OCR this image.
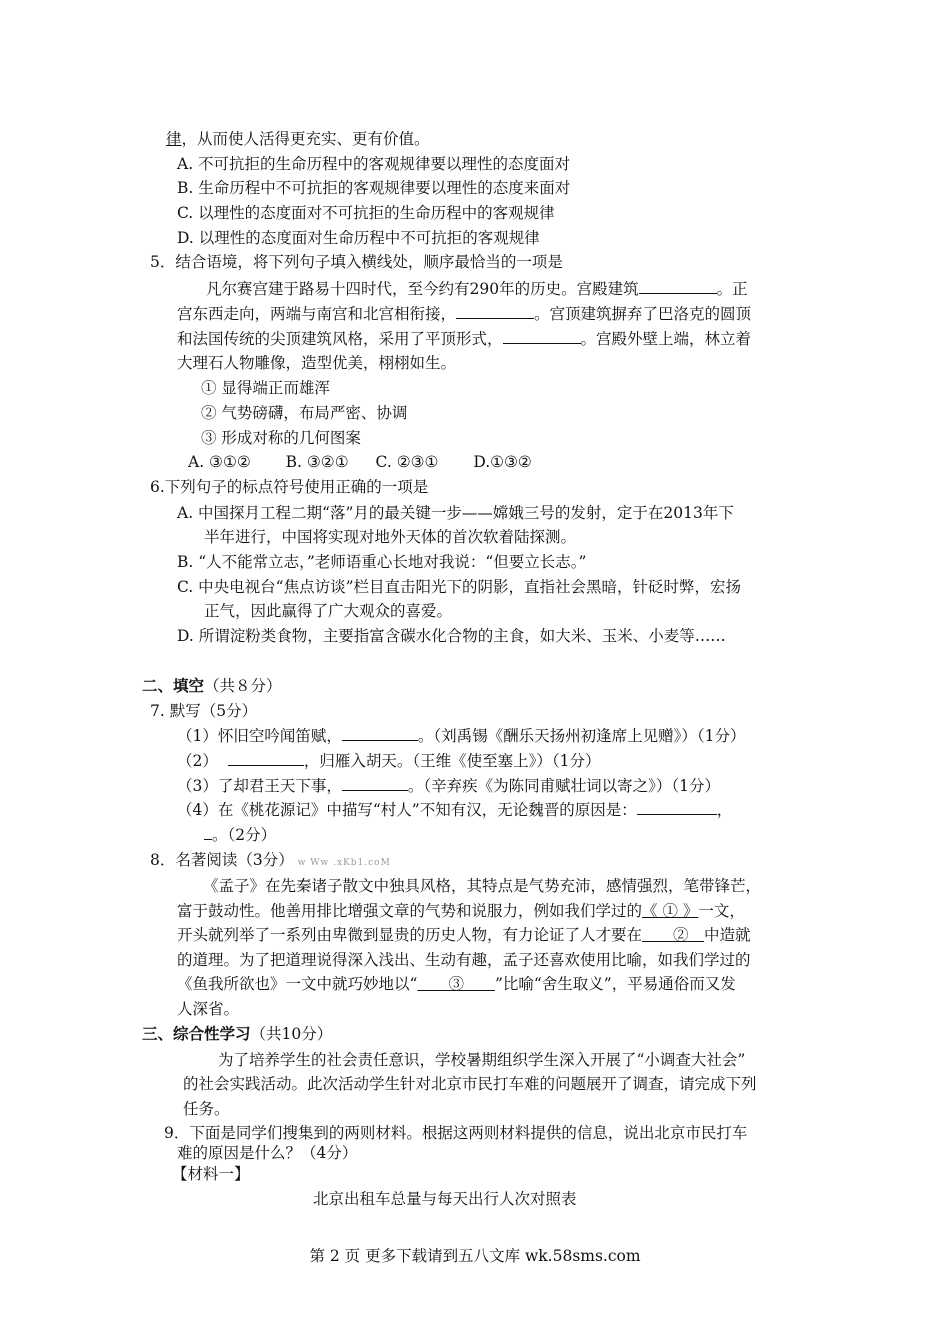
律，从而使人活得更充实、更有价值。
A. 不可抗拒的生命历程中的客观规律要以理性的态度面对
B. 生命历程中不可抗拒的客观规律要以理性的态度来面对
C. 以理性的态度面对不可抗拒的生命历程中的客观规律
D. 以理性的态度面对生命历程中不可抗拒的客观规律
5．结合语境，将下列句子填入横线处，顺序最恰当的一项是
凡尔赛宫建于路易十四时代，至今约有290年的历史。宫殿建筑	。正
宫东西走向，两端与南宫和北宫相衔接，	。宫顶建筑摒弃了巴洛克的圆顶
和法国传统的尖顶建筑风格，采用了平顶形式，	。宫殿外壁上端，林立着
大理石人物雕像，造型优美，栩栩如生。
① 显得端正而雄浑
② 气势磅礴，布局严密、协调
③ 形成对称的几何图案
A. ③①② B. ③②① C. ②③① D.①③②
6.下列句子的标点符号使用正确的一项是
A. 中国探月工程二期“落”月的最关键一步——嫦娥三号的发射，定于在2013年下
半年进行，中国将实现对地外天体的首次软着陆探测。
B. “人不能常立志，”老师语重心长地对我说：“但要立长志。”
C. 中央电视台“焦点访谈”栏目直击阳光下的阴影，直指社会黑暗，针砭时弊，宏扬
正气，因此赢得了广大观众的喜爱。
D. 所谓淀粉类食物，主要指富含碳水化合物的主食，如大米、玉米、小麦等……
二、填空（共８分）
7. 默写（5分）
（1）怀旧空吟闻笛赋，	。（刘禹锡《酬乐天扬州初逢席上见赠》）（1分）
（2）	，归雁入胡天。（王维《使至塞上》）（1分）
（3）了却君王天下事，	。（辛弃疾《为陈同甫赋壮词以寄之》）（1分）
（4）在《桃花源记》中描写“村人”不知有汉，无论魏晋的原因是：	，
。（2分）
8．名著阅读（3分） w Ww .xKb1.coM
《孟子》在先秦诸子散文中独具风格，其特点是气势充沛，感情强烈，笔带锋芒，
富于鼓动性。他善用排比增强文章的气势和说服力，例如我们学过的《 ① 》一文，
开头就列举了一系列由卑微到显贵的历史人物，有力论证了人才要在　　②　中造就
的道理。为了把道理说得深入浅出、生动有趣，孟子还喜欢使用比喻，如我们学过的
《鱼我所欲也》一文中就巧妙地以“　　③　　”比喻“舍生取义”，平易通俗而又发
人深省。
三、综合性学习（共10分）
为了培养学生的社会责任意识，学校暑期组织学生深入开展了“小调查大社会”
的社会实践活动。此次活动学生针对北京市民打车难的问题展开了调查，请完成下列
任务。
9．下面是同学们搜集到的两则材料。根据这两则材料提供的信息，说出北京市民打车
难的原因是什么？（4分）
【材料一】
北京出租车总量与每天出行人次对照表
第 2 页 更多下载请到五八文库 wk.58sms.com
